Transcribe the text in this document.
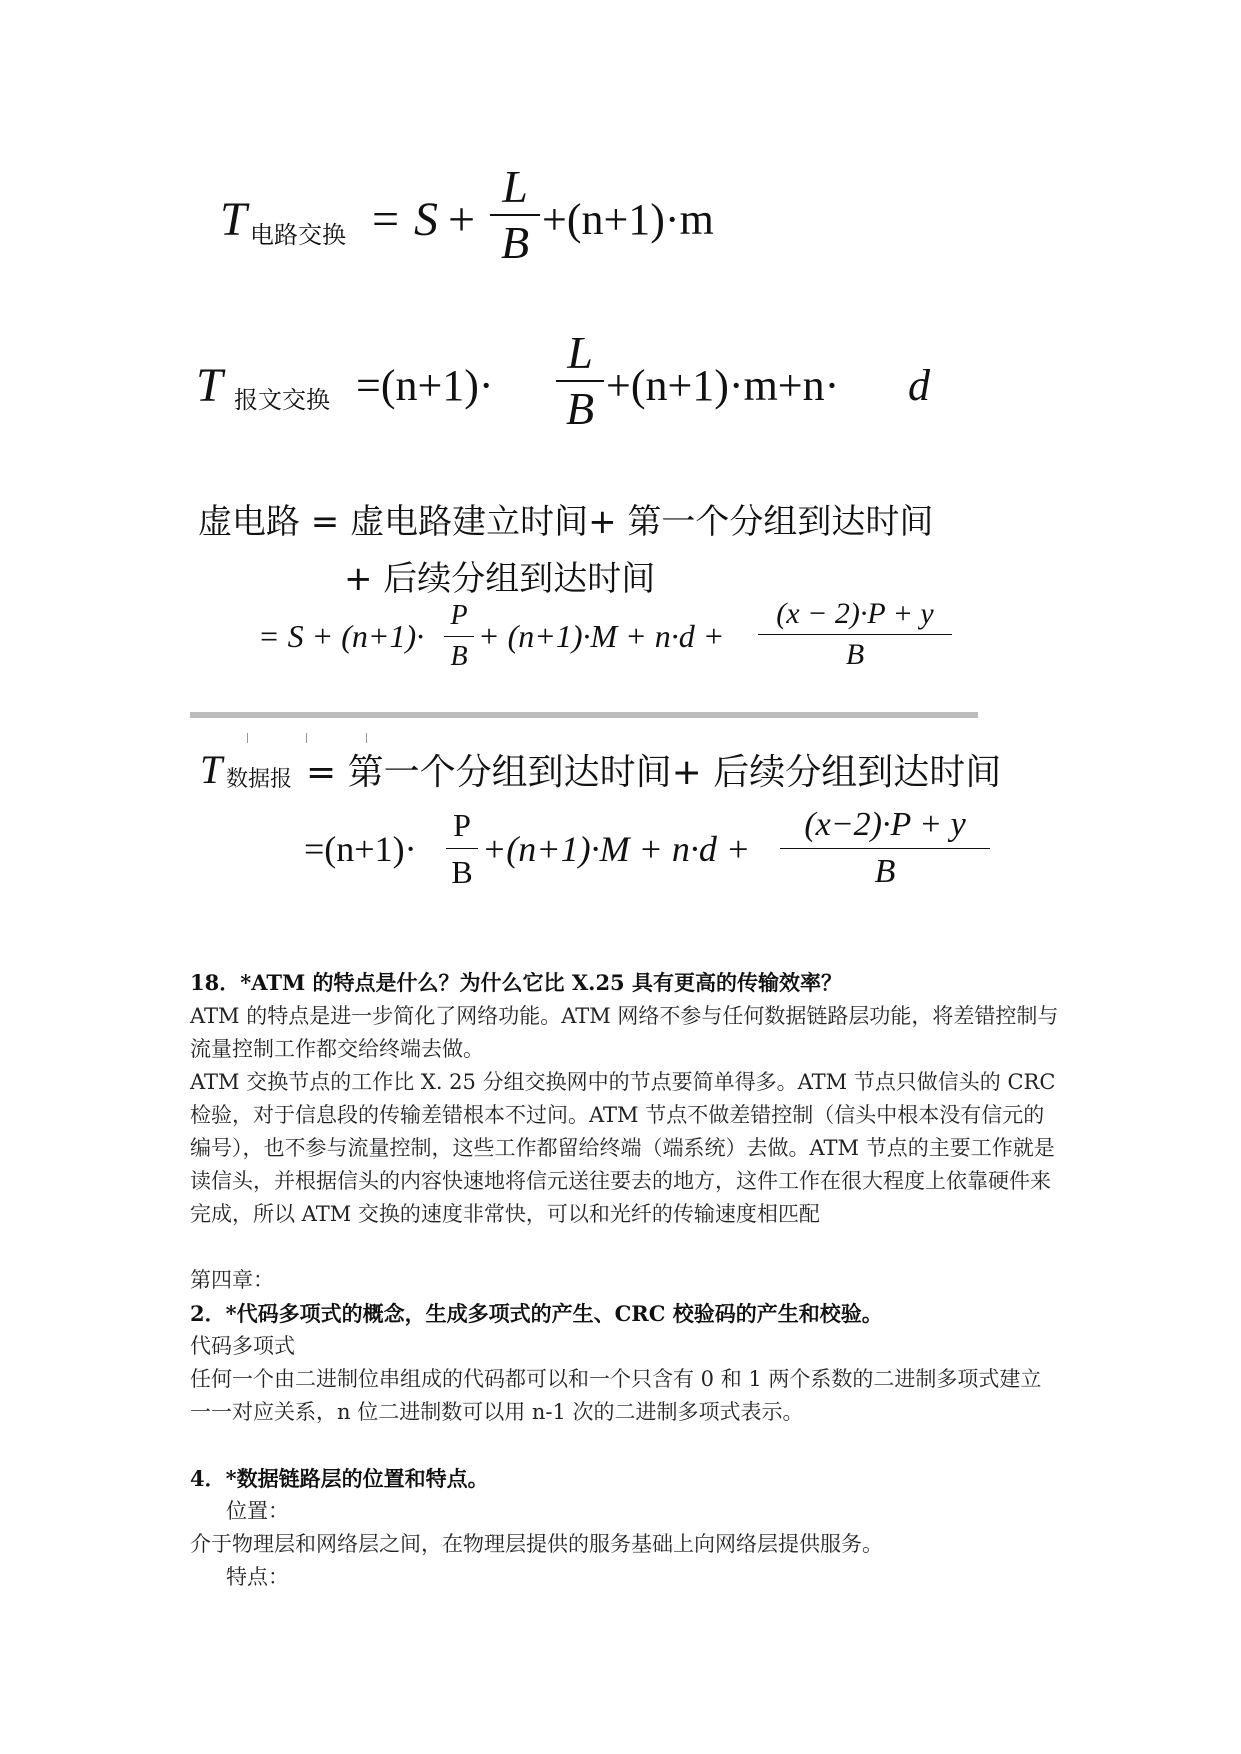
T 电路交换 = S +
L
B +(n+1)·m
T 报文交换 =(n+1)·
L
B +(n+1)·m+n· d
虚电路 = 虚电路建立时间+ 第一个分组到达时间
+ 后续分组到达时间
= S + (n+1)·
P
B
+ (n+1)·M + n·d +
(x − 2)·P + y
B
T 数据报 = 第一个分组到达时间+ 后续分组到达时间
=(n+1)·
P
B
+(n+1)·M + n·d +
(x−2)·P + y
B
18．*ATM 的特点是什么？为什么它比 X.25 具有更高的传输效率？
ATM 的特点是进一步简化了网络功能。ATM 网络不参与任何数据链路层功能，将差错控制与流量控制工作都交给终端去做。
ATM 交换节点的工作比 X. 25 分组交换网中的节点要简单得多。ATM 节点只做信头的 CRC 检验，对于信息段的传输差错根本不过问。ATM 节点不做差错控制（信头中根本没有信元的编号），也不参与流量控制，这些工作都留给终端（端系统）去做。ATM 节点的主要工作就是读信头，并根据信头的内容快速地将信元送往要去的地方，这件工作在很大程度上依靠硬件来完成，所以 ATM 交换的速度非常快，可以和光纤的传输速度相匹配
第四章：
2．*代码多项式的概念，生成多项式的产生、CRC 校验码的产生和校验。
代码多项式
任何一个由二进制位串组成的代码都可以和一个只含有 0 和 1 两个系数的二进制多项式建立一一对应关系，n 位二进制数可以用 n-1 次的二进制多项式表示。
4．*数据链路层的位置和特点。
位置：
介于物理层和网络层之间，在物理层提供的服务基础上向网络层提供服务。
特点：
